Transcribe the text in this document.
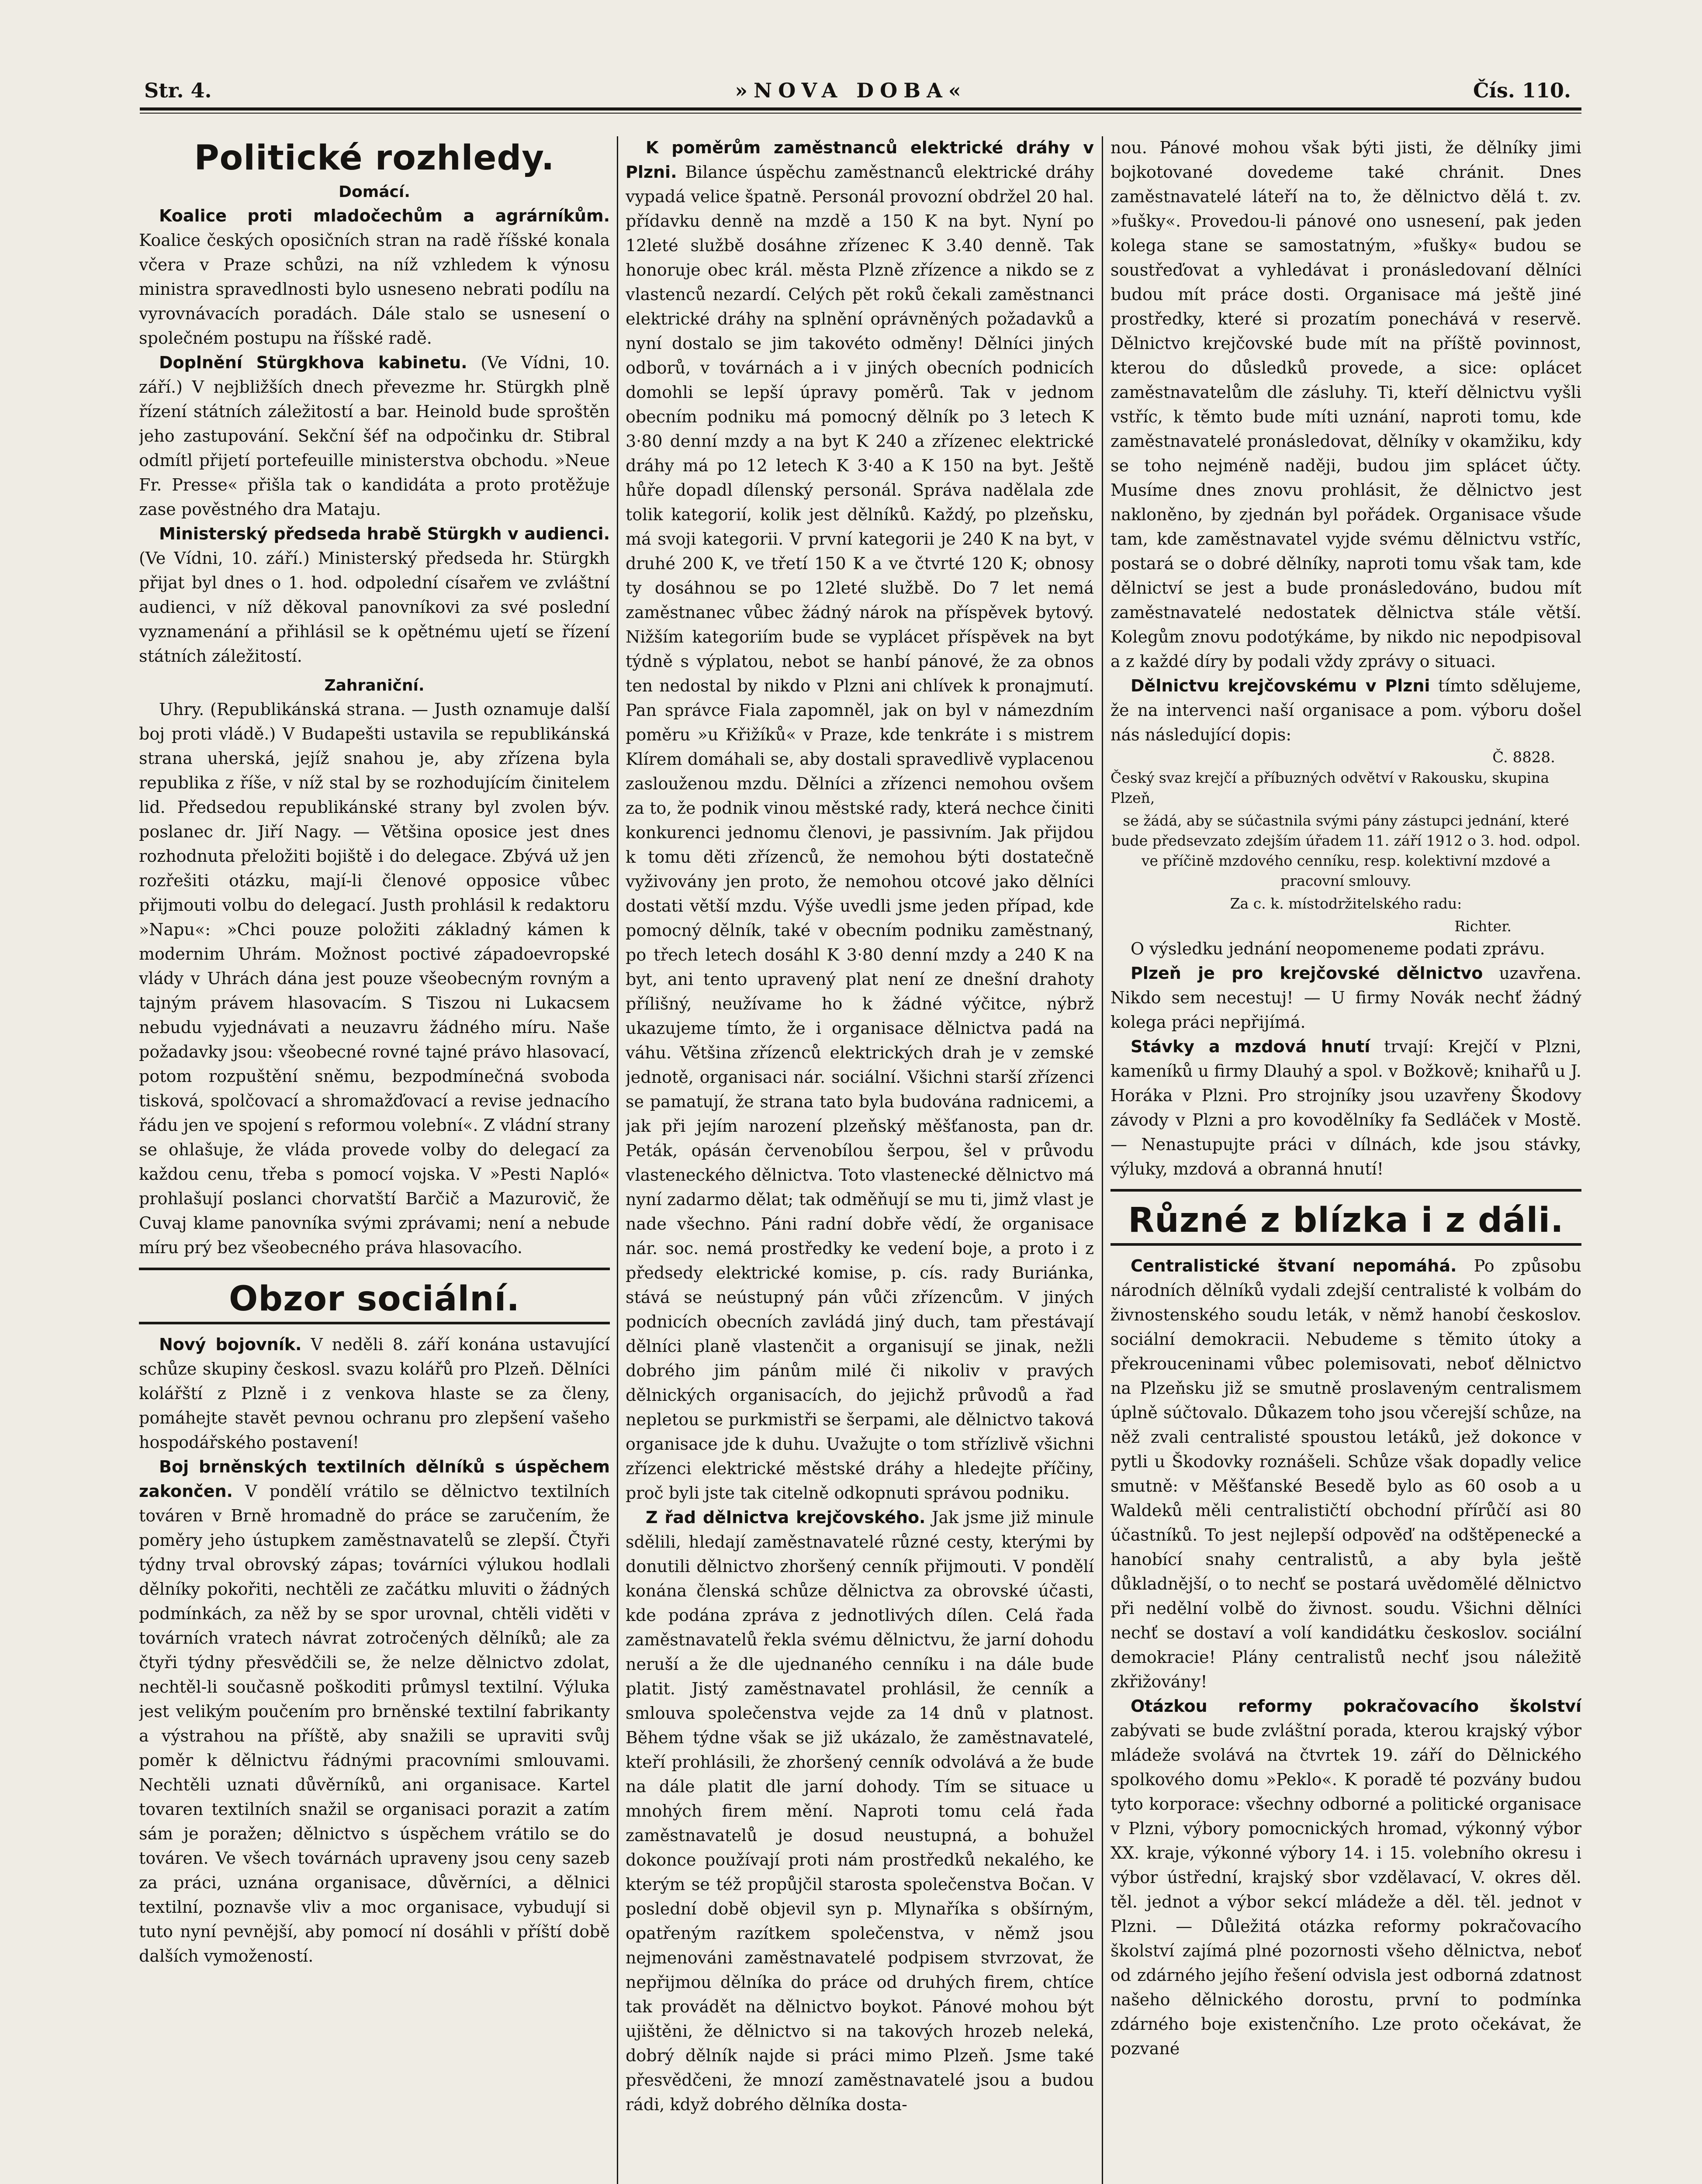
Str. 4.	»NOVA DOBA«	Čís. 110.
Politické rozhledy.
Domácí.

Koalice proti mladočechům a agrárníkům. Koalice českých oposičních stran na radě říšské konala včera v Praze schůzi, na níž vzhledem k výnosu ministra spravedlnosti bylo usneseno nebrati podílu na vyrovnávacích poradách. Dále stalo se usnesení o společném postupu na říšské radě.

Doplnění Stürgkhova kabinetu. (Ve Vídni, 10. září.) V nejbližších dnech převezme hr. Stürgkh plně řízení státních záležitostí a bar. Heinold bude sproštěn jeho zastupování. Sekční šéf na odpočinku dr. Stibral odmítl přijetí portefeuille ministerstva obchodu. »Neue Fr. Presse« přišla tak o kandidáta a proto protěžuje zase pověstného dra Mataju.

Ministerský předseda hrabě Stürgkh v audienci. (Ve Vídni, 10. září.) Ministerský předseda hr. Stürgkh přijat byl dnes o 1. hod. odpolední císařem ve zvláštní audienci, v níž děkoval panovníkovi za své poslední vyznamenání a přihlásil se k opětnému ujetí se řízení státních záležitostí.

Zahraniční.

Uhry. (Republikánská strana. — Justh oznamuje další boj proti vládě.) V Budapešti ustavila se republikánská strana uherská, jejíž snahou je, aby zřízena byla republika z říše, v níž stal by se rozhodujícím činitelem lid. Předsedou republikánské strany byl zvolen býv. poslanec dr. Jiří Nagy. — Většina oposice jest dnes rozhodnuta přeložiti bojiště i do delegace. Zbývá už jen rozřešiti otázku, mají-li členové opposice vůbec přijmouti volbu do delegací. Justh prohlásil k redaktoru »Napu«: »Chci pouze položiti základný kámen k modernim Uhrám. Možnost poctivé západoevropské vlády v Uhrách dána jest pouze všeobecným rovným a tajným právem hlasovacím. S Tiszou ni Lukacsem nebudu vyjednávati a neuzavru žádného míru. Naše požadavky jsou: všeobecné rovné tajné právo hlasovací, potom rozpuštění sněmu, bezpodmínečná svoboda tisková, spolčovací a shromažďovací a revise jednacího řádu jen ve spojení s reformou volební«. Z vládní strany se ohlašuje, že vláda provede volby do delegací za každou cenu, třeba s pomocí vojska. V »Pesti Napló« prohlašují poslanci chorvatští Barčič a Mazurovič, že Cuvaj klame panovníka svými zprávami; není a nebude míru prý bez všeobecného práva hlasovacího.

Obzor sociální.

Nový bojovník. V neděli 8. září konána ustavující schůze skupiny českosl. svazu kolářů pro Plzeň. Dělníci kolářští z Plzně i z venkova hlaste se za členy, pomáhejte stavět pevnou ochranu pro zlepšení vašeho hospodářského postavení!

Boj brněnských textilních dělníků s úspěchem zakončen. V pondělí vrátilo se dělnictvo textilních továren v Brně hromadně do práce se zaručením, že poměry jeho ústupkem zaměstnavatelů se zlepší. Čtyři týdny trval obrovský zápas; továrníci výlukou hodlali dělníky pokořiti, nechtěli ze začátku mluviti o žádných podmínkách, za něž by se spor urovnal, chtěli viděti v továrních vratech návrat zotročených dělníků; ale za čtyři týdny přesvědčili se, že nelze dělnictvo zdolat, nechtěl-li současně poškoditi průmysl textilní. Výluka jest velikým poučením pro brněnské textilní fabrikanty a výstrahou na příště, aby snažili se upraviti svůj poměr k dělnictvu řádnými pracovními smlouvami. Nechtěli uznati důvěrníků, ani organisace. Kartel tovaren textilních snažil se organisaci porazit a zatím sám je poražen; dělnictvo s úspěchem vrátilo se do továren. Ve všech továrnách upraveny jsou ceny sazeb za práci, uznána organisace, důvěrníci, a dělnici textilní, poznavše vliv a moc organisace, vybudují si tuto nyní pevnější, aby pomocí ní dosáhli v příští době dalších vymožeností.

K poměrům zaměstnanců elektrické dráhy v Plzni. Bilance úspěchu zaměstnanců elektrické dráhy vypadá velice špatně. Personál provozní obdržel 20 hal. přídavku denně na mzdě a 150 K na byt. Nyní po 12leté službě dosáhne zřízenec K 3.40 denně. Tak honoruje obec král. města Plzně zřízence a nikdo se z vlastenců nezardí. Celých pět roků čekali zaměstnanci elektrické dráhy na splnění oprávněných požadavků a nyní dostalo se jim takovéto odměny! Dělníci jiných odborů, v továrnách a i v jiných obecních podnicích domohli se lepší úpravy poměrů. Tak v jednom obecním podniku má pomocný dělník po 3 letech K 3·80 denní mzdy a na byt K 240 a zřízenec elektrické dráhy má po 12 letech K 3·40 a K 150 na byt. Ještě hůře dopadl dílenský personál. Správa nadělala zde tolik kategorií, kolik jest dělníků. Každý, po plzeňsku, má svoji kategorii. V první kategorii je 240 K na byt, v druhé 200 K, ve třetí 150 K a ve čtvrté 120 K; obnosy ty dosáhnou se po 12leté službě. Do 7 let nemá zaměstnanec vůbec žádný nárok na příspěvek bytový. Nižším kategoriím bude se vyplácet příspěvek na byt týdně s výplatou, nebot se hanbí pánové, že za obnos ten nedostal by nikdo v Plzni ani chlívek k pronajmutí. Pan správce Fiala zapomněl, jak on byl v námezdním poměru »u Křižíků« v Praze, kde tenkráte i s mistrem Klírem domáhali se, aby dostali spravedlivě vyplacenou zaslouženou mzdu. Dělníci a zřízenci nemohou ovšem za to, že podnik vinou městské rady, která nechce činiti konkurenci jednomu členovi, je passivním. Jak přijdou k tomu děti zřízenců, že nemohou býti dostatečně vyživovány jen proto, že nemohou otcové jako dělníci dostati větší mzdu. Výše uvedli jsme jeden případ, kde pomocný dělník, také v obecním podniku zaměstnaný, po třech letech dosáhl K 3·80 denní mzdy a 240 K na byt, ani tento upravený plat není ze dnešní drahoty přílišný, neužívame ho k žádné výčitce, nýbrž ukazujeme tímto, že i organisace dělnictva padá na váhu. Většina zřízenců elektrických drah je v zemské jednotě, organisaci nár. sociální. Všichni starší zřízenci se pamatují, že strana tato byla budována radnicemi, a jak při jejím narození plzeňský měšťanosta, pan dr. Peták, opásán červenobílou šerpou, šel v průvodu vlasteneckého dělnictva. Toto vlastenecké dělnictvo má nyní zadarmo dělat; tak odměňují se mu ti, jimž vlast je nade všechno. Páni radní dobře vědí, že organisace nár. soc. nemá prostředky ke vedení boje, a proto i z předsedy elektrické komise, p. cís. rady Buriánka, stává se neústupný pán vůči zřízencům. V jiných podnicích obecních zavládá jiný duch, tam přestávají dělníci planě vlastenčit a organisují se jinak, nežli dobrého jim pánům milé či nikoliv v pravých dělnických organisacích, do jejichž průvodů a řad nepletou se purkmistři se šerpami, ale dělnictvo taková organisace jde k duhu. Uvažujte o tom střízlivě všichni zřízenci elektrické městské dráhy a hledejte příčiny, proč byli jste tak citelně odkopnuti správou podniku.

Z řad dělnictva krejčovského. Jak jsme již minule sdělili, hledají zaměstnavatelé různé cesty, kterými by donutili dělnictvo zhoršený cenník přijmouti. V pondělí konána členská schůze dělnictva za obrovské účasti, kde podána zpráva z jednotlivých dílen. Celá řada zaměstnavatelů řekla svému dělnictvu, že jarní dohodu neruší a že dle ujednaného cenníku i na dále bude platit. Jistý zaměstnavatel prohlásil, že cenník a smlouva společenstva vejde za 14 dnů v platnost. Během týdne však se již ukázalo, že zaměstnavatelé, kteří prohlásili, že zhoršený cenník odvolává a že bude na dále platit dle jarní dohody. Tím se situace u mnohých firem mění. Naproti tomu celá řada zaměstnavatelů je dosud neustupná, a bohužel dokonce používají proti nám prostředků nekalého, ke kterým se též propůjčil starosta společenstva Bočan. V poslední době objevil syn p. Mlynaříka s obšírným, opatřeným razítkem společenstva, v němž jsou nejmenováni zaměstnavatelé podpisem stvrzovat, že nepřijmou dělníka do práce od druhých firem, chtíce tak provádět na dělnictvo boykot. Pánové mohou být ujištěni, že dělnictvo si na takových hrozeb neleká, dobrý dělník najde si práci mimo Plzeň. Jsme také přesvědčeni, že mnozí zaměstnavatelé jsou a budou rádi, když dobrého dělníka dosta-

nou. Pánové mohou však býti jisti, že dělníky jimi bojkotované dovedeme také chránit. Dnes zaměstnavatelé láteří na to, že dělnictvo dělá t. zv. »fušky«. Provedou-li pánové ono usnesení, pak jeden kolega stane se samostatným, »fušky« budou se soustřeďovat a vyhledávat i pronásledovaní dělníci budou mít práce dosti. Organisace má ještě jiné prostředky, které si prozatím ponechává v reservě. Dělnictvo krejčovské bude mít na příště povinnost, kterou do důsledků provede, a sice: oplácet zaměstnavatelům dle zásluhy. Ti, kteří dělnictvu vyšli vstříc, k těmto bude míti uznání, naproti tomu, kde zaměstnavatelé pronásledovat, dělníky v okamžiku, kdy se toho nejméně naději, budou jim splácet účty. Musíme dnes znovu prohlásit, že dělnictvo jest nakloněno, by zjednán byl pořádek. Organisace všude tam, kde zaměstnavatel vyjde svému dělnictvu vstříc, postará se o dobré dělníky, naproti tomu však tam, kde dělnictví se jest a bude pronásledováno, budou mít zaměstnavatelé nedostatek dělnictva stále větší. Kolegům znovu podotýkáme, by nikdo nic nepodpisoval a z každé díry by podali vždy zprávy o situaci.

Dělnictvu krejčovskému v Plzni tímto sdělujeme, že na intervenci naší organisace a pom. výboru došel nás následující dopis:

Č. 8828.
Český svaz krejčí a příbuzných odvětví v Rakousku, skupina Plzeň,
se žádá, aby se súčastnila svými pány zástupci jednání, které bude předsevzato zdejším úřadem 11. září 1912 o 3. hod. odpol. ve příčině mzdového cenníku, resp. kolektivní mzdové a pracovní smlouvy.
Za c. k. místodržitelského radu:
Richter.

O výsledku jednání neopomeneme podati zprávu.

Plzeň je pro krejčovské dělnictvo uzavřena. Nikdo sem necestuj! — U firmy Novák nechť žádný kolega práci nepřijímá.

Stávky a mzdová hnutí trvají: Krejčí v Plzni, kameníků u firmy Dlauhý a spol. v Božkově; knihařů u J. Horáka v Plzni. Pro strojníky jsou uzavřeny Škodovy závody v Plzni a pro kovodělníky fa Sedláček v Mostě. — Nenastupujte práci v dílnách, kde jsou stávky, výluky, mzdová a obranná hnutí!

Různé z blízka i z dáli.

Centralistické štvaní nepomáhá. Po způsobu národních dělníků vydali zdejší centralisté k volbám do živnostenského soudu leták, v němž hanobí českoslov. sociální demokracii. Nebudeme s těmito útoky a překrouceninami vůbec polemisovati, neboť dělnictvo na Plzeňsku již se smutně proslaveným centralismem úplně súčtovalo. Důkazem toho jsou včerejší schůze, na něž zvali centralisté spoustou letáků, jež dokonce v pytli u Škodovky roznášeli. Schůze však dopadly velice smutně: v Měšťanské Besedě bylo as 60 osob a u Waldeků měli centralističtí obchodní přírůčí asi 80 účastníků. To jest nejlepší odpověď na odštěpenecké a hanobící snahy centralistů, a aby byla ještě důkladnější, o to nechť se postará uvědomělé dělnictvo při nedělní volbě do živnost. soudu. Všichni dělníci nechť se dostaví a volí kandidátku českoslov. sociální demokracie! Plány centralistů nechť jsou náležitě zkřižovány!

Otázkou reformy pokračovacího školství zabývati se bude zvláštní porada, kterou krajský výbor mládeže svolává na čtvrtek 19. září do Dělnického spolkového domu »Peklo«. K poradě té pozvány budou tyto korporace: všechny odborné a politické organisace v Plzni, výbory pomocnických hromad, výkonný výbor XX. kraje, výkonné výbory 14. i 15. volebního okresu i výbor ústřední, krajský sbor vzdělavací, V. okres děl. těl. jednot a výbor sekcí mládeže a děl. těl. jednot v Plzni. — Důležitá otázka reformy pokračovacího školství zajímá plné pozornosti všeho dělnictva, neboť od zdárného jejího řešení odvisla jest odborná zdatnost našeho dělnického dorostu, první to podmínka zdárného boje existenčního. Lze proto očekávat, že pozvané
